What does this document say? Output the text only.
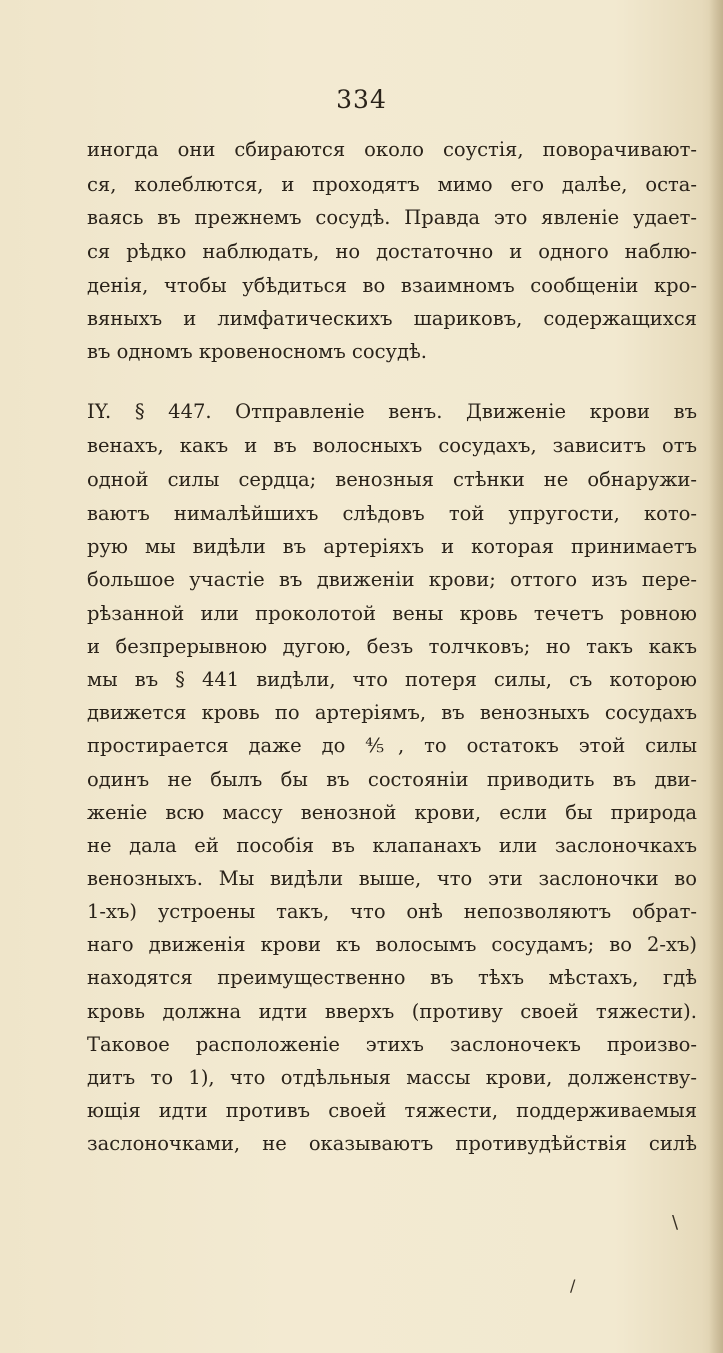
334
иногда они сбираются около соустія, поворачивают-
ся, колеблются, и проходятъ мимо его далѣе, оста-
ваясь въ прежнемъ сосудѣ. Правда это явленіе удает-
ся рѣдко наблюдать, но достаточно и одного наблю-
денія, чтобы убѣдиться во взаимномъ сообщеніи кро-
вяныхъ и лимфатическихъ шариковъ, содержащихся
въ одномъ кровеносномъ сосудѣ.
IY. § 447. Отправленіе венъ. Движеніе крови въ
венахъ, какъ и въ волосныхъ сосудахъ, зависитъ отъ
одной силы сердца; венозныя стѣнки не обнаружи-
ваютъ нималѣйшихъ слѣдовъ той упругости, кото-
рую мы видѣли въ артеріяхъ и которая принимаетъ
большое участіе въ движеніи крови; оттого изъ пере-
рѣзанной или проколотой вены кровь течетъ ровною
и безпрерывною дугою, безъ толчковъ; но такъ какъ
мы въ § 441 видѣли, что потеря силы, съ которою
движется кровь по артеріямъ, въ венозныхъ сосудахъ
простирается даже до ⅘, то остатокъ этой силы
одинъ не былъ бы въ состояніи приводить въ дви-
женіе всю массу венозной крови, если бы природа
не дала ей пособія въ клапанахъ или заслоночкахъ
венозныхъ. Мы видѣли выше, что эти заслоночки во
1-хъ) устроены такъ, что онѣ непозволяютъ обрат-
наго движенія крови къ волосымъ сосудамъ; во 2-хъ)
находятся преимущественно въ тѣхъ мѣстахъ, гдѣ
кровь должна идти вверхъ (противу своей тяжести).
Таковое расположеніе этихъ заслоночекъ произво-
дитъ то 1), что отдѣльныя массы крови, долженству-
ющія идти противъ своей тяжести, поддерживаемыя
заслоночками, не оказываютъ противудѣйствія силѣ
\
/
